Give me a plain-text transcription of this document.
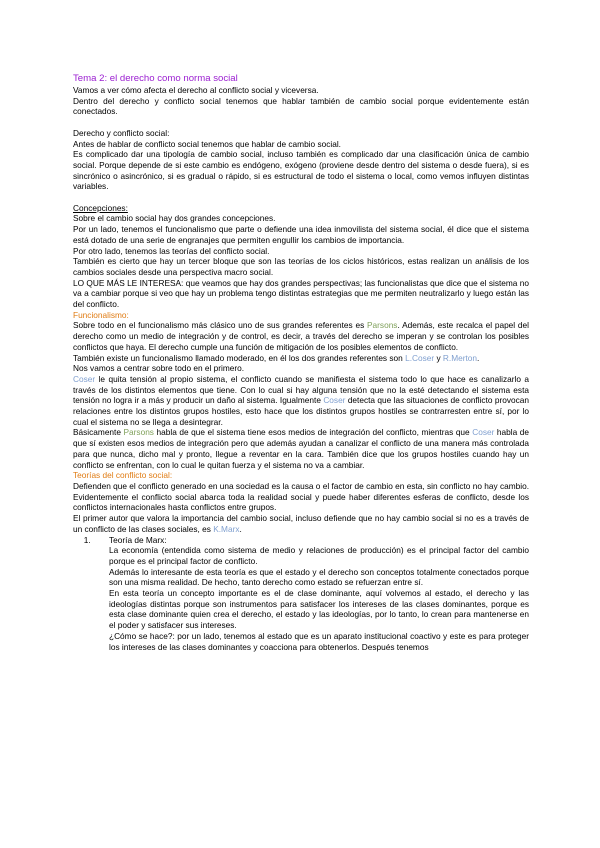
Tema 2: el derecho como norma social

Vamos a ver cómo afecta el derecho al conflicto social y viceversa.

Dentro del derecho y conflicto social tenemos que hablar también de cambio social porque evidentemente están conectados.

Derecho y conflicto social:

Antes de hablar de conflicto social tenemos que hablar de cambio social.

Es complicado dar una tipología de cambio social, incluso también es complicado dar una clasificación única de cambio social. Porque depende de si este cambio es endógeno, exógeno (proviene desde dentro del sistema o desde fuera), si es sincrónico o asincrónico, si es gradual o rápido, si es estructural de todo el sistema o local, como vemos influyen distintas variables.

Concepciones:

Sobre el cambio social hay dos grandes concepciones.

Por un lado, tenemos el funcionalismo que parte o defiende una idea inmovilista del sistema social, él dice que el sistema está dotado de una serie de engranajes que permiten engullir los cambios de importancia.

Por otro lado, tenemos las teorías del conflicto social.

También es cierto que hay un tercer bloque que son las teorías de los ciclos históricos, estas realizan un análisis de los cambios sociales desde una perspectiva macro social.

LO QUE MÁS LE INTERESA: que veamos que hay dos grandes perspectivas; las funcionalistas que dice que el sistema no va a cambiar porque si veo que hay un problema tengo distintas estrategias que me permiten neutralizarlo y luego están las del conflicto.

Funcionalismo:

Sobre todo en el funcionalismo más clásico uno de sus grandes referentes es Parsons. Además, este recalca el papel del derecho como un medio de integración y de control, es decir, a través del derecho se imperan y se controlan los posibles conflictos que haya. El derecho cumple una función de mitigación de los posibles elementos de conflicto.

También existe un funcionalismo llamado moderado, en él los dos grandes referentes son L.Coser y R.Merton.

Nos vamos a centrar sobre todo en el primero.

Coser le quita tensión al propio sistema, el conflicto cuando se manifiesta el sistema todo lo que hace es canalizarlo a través de los distintos elementos que tiene. Con lo cual si hay alguna tensión que no la esté detectando el sistema esta tensión no logra ir a más y producir un daño al sistema. Igualmente Coser detecta que las situaciones de conflicto provocan relaciones entre los distintos grupos hostiles, esto hace que los distintos grupos hostiles se contrarresten entre sí, por lo cual el sistema no se llega a desintegrar.

Básicamente Parsons habla de que el sistema tiene esos medios de integración del conflicto, mientras que Coser habla de que sí existen esos medios de integración pero que además ayudan a canalizar el conflicto de una manera más controlada para que nunca, dicho mal y pronto, llegue a reventar en la cara. También dice que los grupos hostiles cuando hay un conflicto se enfrentan, con lo cual le quitan fuerza y el sistema no va a cambiar.

Teorías del conflicto social:

Defienden que el conflicto generado en una sociedad es la causa o el factor de cambio en esta, sin conflicto no hay cambio. Evidentemente el conflicto social abarca toda la realidad social y puede haber diferentes esferas de conflicto, desde los conflictos internacionales hasta conflictos entre grupos.

El primer autor que valora la importancia del cambio social, incluso defiende que no hay cambio social si no es a través de un conflicto de las clases sociales, es K.Marx.

1. Teoría de Marx:

La economía (entendida como sistema de medio y relaciones de producción) es el principal factor del cambio porque es el principal factor de conflicto.

Además lo interesante de esta teoría es que el estado y el derecho son conceptos totalmente conectados porque son una misma realidad. De hecho, tanto derecho como estado se refuerzan entre sí.

En esta teoría un concepto importante es el de clase dominante, aquí volvemos al estado, el derecho y las ideologías distintas porque son instrumentos para satisfacer los intereses de las clases dominantes, porque es esta clase dominante quien crea el derecho, el estado y las ideologías, por lo tanto, lo crean para mantenerse en el poder y satisfacer sus intereses.

¿Cómo se hace?: por un lado, tenemos al estado que es un aparato institucional coactivo y este es para proteger los intereses de las clases dominantes y coacciona para obtenerlos. Después tenemos
